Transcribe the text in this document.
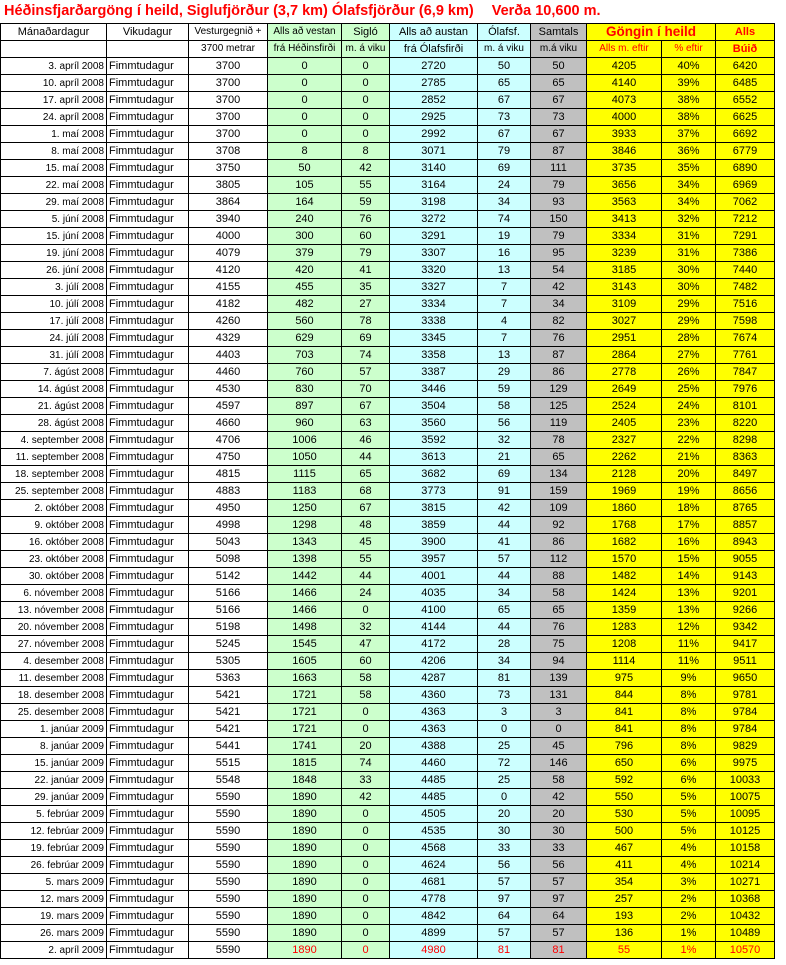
Héðinsfjarðargöng í heild, Siglufjörður (3,7 km) Ólafsfjörður (6,9 km) Verða 10,600 m.
Mánaðardagur	Vikudagur	Vesturgegnið +	Alls að vestan	Sigló	Alls að austan	Ólafsf.	Samtals	Göngin í heild		Alls
		3700 metrar	frá Héðinsfirði	m. á viku	frá Ólafsfirði	m. á viku	m.á viku	Alls m. eftir	% eftir	Búið
3. apríl 2008	Fimmtudagur	3700	0	0	2720	50	50	4205	40%	6420
10. apríl 2008	Fimmtudagur	3700	0	0	2785	65	65	4140	39%	6485
17. apríl 2008	Fimmtudagur	3700	0	0	2852	67	67	4073	38%	6552
24. apríl 2008	Fimmtudagur	3700	0	0	2925	73	73	4000	38%	6625
1. maí 2008	Fimmtudagur	3700	0	0	2992	67	67	3933	37%	6692
8. maí 2008	Fimmtudagur	3708	8	8	3071	79	87	3846	36%	6779
15. maí 2008	Fimmtudagur	3750	50	42	3140	69	111	3735	35%	6890
22. maí 2008	Fimmtudagur	3805	105	55	3164	24	79	3656	34%	6969
29. maí 2008	Fimmtudagur	3864	164	59	3198	34	93	3563	34%	7062
5. júní 2008	Fimmtudagur	3940	240	76	3272	74	150	3413	32%	7212
15. júní 2008	Fimmtudagur	4000	300	60	3291	19	79	3334	31%	7291
19. júní 2008	Fimmtudagur	4079	379	79	3307	16	95	3239	31%	7386
26. júní 2008	Fimmtudagur	4120	420	41	3320	13	54	3185	30%	7440
3. júlí 2008	Fimmtudagur	4155	455	35	3327	7	42	3143	30%	7482
10. júlí 2008	Fimmtudagur	4182	482	27	3334	7	34	3109	29%	7516
17. júlí 2008	Fimmtudagur	4260	560	78	3338	4	82	3027	29%	7598
24. júlí 2008	Fimmtudagur	4329	629	69	3345	7	76	2951	28%	7674
31. júlí 2008	Fimmtudagur	4403	703	74	3358	13	87	2864	27%	7761
7. ágúst 2008	Fimmtudagur	4460	760	57	3387	29	86	2778	26%	7847
14. ágúst 2008	Fimmtudagur	4530	830	70	3446	59	129	2649	25%	7976
21. ágúst 2008	Fimmtudagur	4597	897	67	3504	58	125	2524	24%	8101
28. ágúst 2008	Fimmtudagur	4660	960	63	3560	56	119	2405	23%	8220
4. september 2008	Fimmtudagur	4706	1006	46	3592	32	78	2327	22%	8298
11. september 2008	Fimmtudagur	4750	1050	44	3613	21	65	2262	21%	8363
18. september 2008	Fimmtudagur	4815	1115	65	3682	69	134	2128	20%	8497
25. september 2008	Fimmtudagur	4883	1183	68	3773	91	159	1969	19%	8656
2. október 2008	Fimmtudagur	4950	1250	67	3815	42	109	1860	18%	8765
9. október 2008	Fimmtudagur	4998	1298	48	3859	44	92	1768	17%	8857
16. október 2008	Fimmtudagur	5043	1343	45	3900	41	86	1682	16%	8943
23. október 2008	Fimmtudagur	5098	1398	55	3957	57	112	1570	15%	9055
30. október 2008	Fimmtudagur	5142	1442	44	4001	44	88	1482	14%	9143
6. nóvember 2008	Fimmtudagur	5166	1466	24	4035	34	58	1424	13%	9201
13. nóvember 2008	Fimmtudagur	5166	1466	0	4100	65	65	1359	13%	9266
20. nóvember 2008	Fimmtudagur	5198	1498	32	4144	44	76	1283	12%	9342
27. nóvember 2008	Fimmtudagur	5245	1545	47	4172	28	75	1208	11%	9417
4. desember 2008	Fimmtudagur	5305	1605	60	4206	34	94	1114	11%	9511
11. desember 2008	Fimmtudagur	5363	1663	58	4287	81	139	975	9%	9650
18. desember 2008	Fimmtudagur	5421	1721	58	4360	73	131	844	8%	9781
25. desember 2008	Fimmtudagur	5421	1721	0	4363	3	3	841	8%	9784
1. janúar 2009	Fimmtudagur	5421	1721	0	4363	0	0	841	8%	9784
8. janúar 2009	Fimmtudagur	5441	1741	20	4388	25	45	796	8%	9829
15. janúar 2009	Fimmtudagur	5515	1815	74	4460	72	146	650	6%	9975
22. janúar 2009	Fimmtudagur	5548	1848	33	4485	25	58	592	6%	10033
29. janúar 2009	Fimmtudagur	5590	1890	42	4485	0	42	550	5%	10075
5. febrúar 2009	Fimmtudagur	5590	1890	0	4505	20	20	530	5%	10095
12. febrúar 2009	Fimmtudagur	5590	1890	0	4535	30	30	500	5%	10125
19. febrúar 2009	Fimmtudagur	5590	1890	0	4568	33	33	467	4%	10158
26. febrúar 2009	Fimmtudagur	5590	1890	0	4624	56	56	411	4%	10214
5. mars 2009	Fimmtudagur	5590	1890	0	4681	57	57	354	3%	10271
12. mars 2009	Fimmtudagur	5590	1890	0	4778	97	97	257	2%	10368
19. mars 2009	Fimmtudagur	5590	1890	0	4842	64	64	193	2%	10432
26. mars 2009	Fimmtudagur	5590	1890	0	4899	57	57	136	1%	10489
2. apríl 2009	Fimmtudagur	5590	1890	0	4980	81	81	55	1%	10570
